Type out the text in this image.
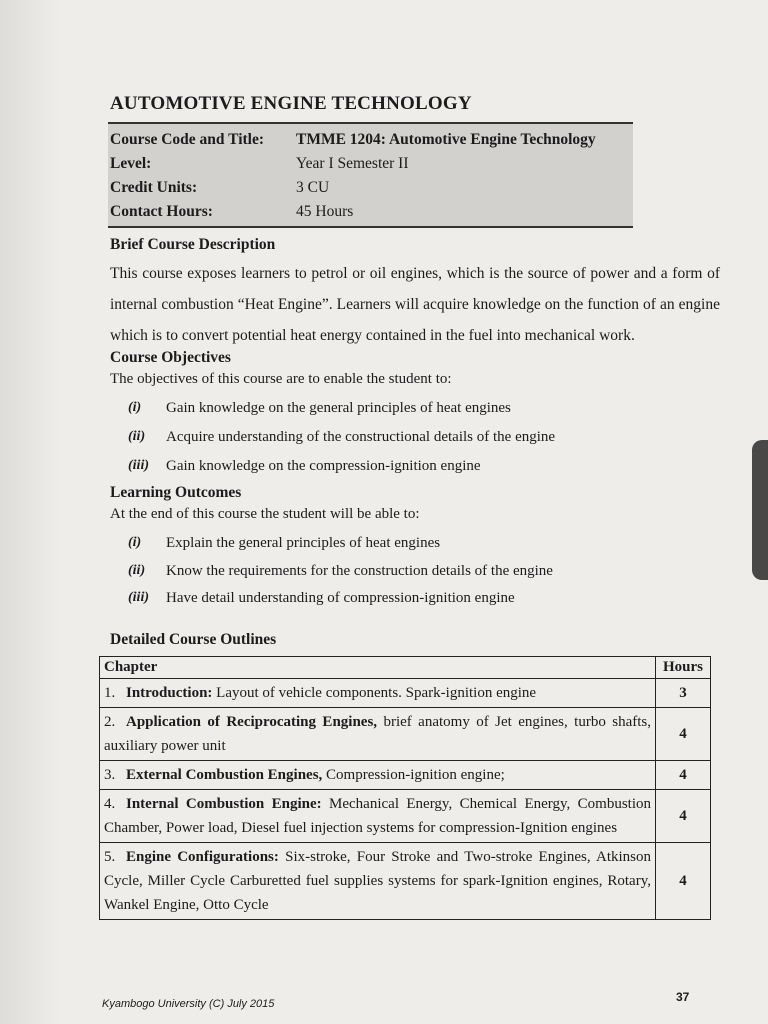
AUTOMOTIVE ENGINE TECHNOLOGY
Course Code and Title:	TMME 1204: Automotive Engine Technology
Level:	Year I Semester II
Credit Units:	3 CU
Contact Hours:	45 Hours
Brief Course Description
This course exposes learners to petrol or oil engines, which is the source of power and a form of internal combustion “Heat Engine”. Learners will acquire knowledge on the function of an engine which is to convert potential heat energy contained in the fuel into mechanical work.
Course Objectives
The objectives of this course are to enable the student to:
(i)	Gain knowledge on the general principles of heat engines
(ii)	Acquire understanding of the constructional details of the engine
(iii)	Gain knowledge on the compression-ignition engine
Learning Outcomes
At the end of this course the student will be able to:
(i)	Explain the general principles of heat engines
(ii)	Know the requirements for the construction details of the engine
(iii)	Have detail understanding of compression-ignition engine
Detailed Course Outlines
Chapter	Hours
1. Introduction: Layout of vehicle components. Spark-ignition engine	3
2. Application of Reciprocating Engines, brief anatomy of Jet engines, turbo shafts, auxiliary power unit	4
3. External Combustion Engines, Compression-ignition engine;	4
4. Internal Combustion Engine: Mechanical Energy, Chemical Energy, Combustion Chamber, Power load, Diesel fuel injection systems for compression-Ignition engines	4
5. Engine Configurations: Six-stroke, Four Stroke and Two-stroke Engines, Atkinson Cycle, Miller Cycle Carburetted fuel supplies systems for spark-Ignition engines, Rotary, Wankel Engine, Otto Cycle	4
Kyambogo University (C) July 2015	37
